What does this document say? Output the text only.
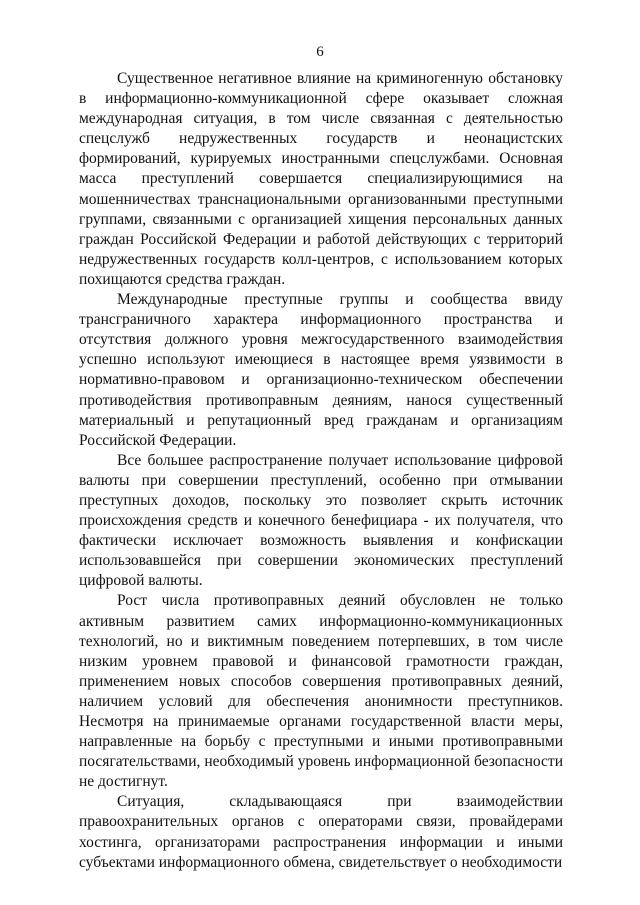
6

Существенное негативное влияние на криминогенную обстановку в информационно-коммуникационной сфере оказывает сложная международная ситуация, в том числе связанная с деятельностью спецслужб недружественных государств и неонацистских формирований, курируемых иностранными спецслужбами. Основная масса преступлений совершается специализирующимися на мошенничествах транснациональными организованными преступными группами, связанными с организацией хищения персональных данных граждан Российской Федерации и работой действующих с территорий недружественных государств колл-центров, с использованием которых похищаются средства граждан.

Международные преступные группы и сообщества ввиду трансграничного характера информационного пространства и отсутствия должного уровня межгосударственного взаимодействия успешно используют имеющиеся в настоящее время уязвимости в нормативно-правовом и организационно-техническом обеспечении противодействия противоправным деяниям, нанося существенный материальный и репутационный вред гражданам и организациям Российской Федерации.

Все большее распространение получает использование цифровой валюты при совершении преступлений, особенно при отмывании преступных доходов, поскольку это позволяет скрыть источник происхождения средств и конечного бенефициара - их получателя, что фактически исключает возможность выявления и конфискации использовавшейся при совершении экономических преступлений цифровой валюты.

Рост числа противоправных деяний обусловлен не только активным развитием самих информационно-коммуникационных технологий, но и виктимным поведением потерпевших, в том числе низким уровнем правовой и финансовой грамотности граждан, применением новых способов совершения противоправных деяний, наличием условий для обеспечения анонимности преступников. Несмотря на принимаемые органами государственной власти меры, направленные на борьбу с преступными и иными противоправными посягательствами, необходимый уровень информационной безопасности не достигнут.

Ситуация, складывающаяся при взаимодействии правоохранительных органов с операторами связи, провайдерами хостинга, организаторами распространения информации и иными субъектами информационного обмена, свидетельствует о необходимости
